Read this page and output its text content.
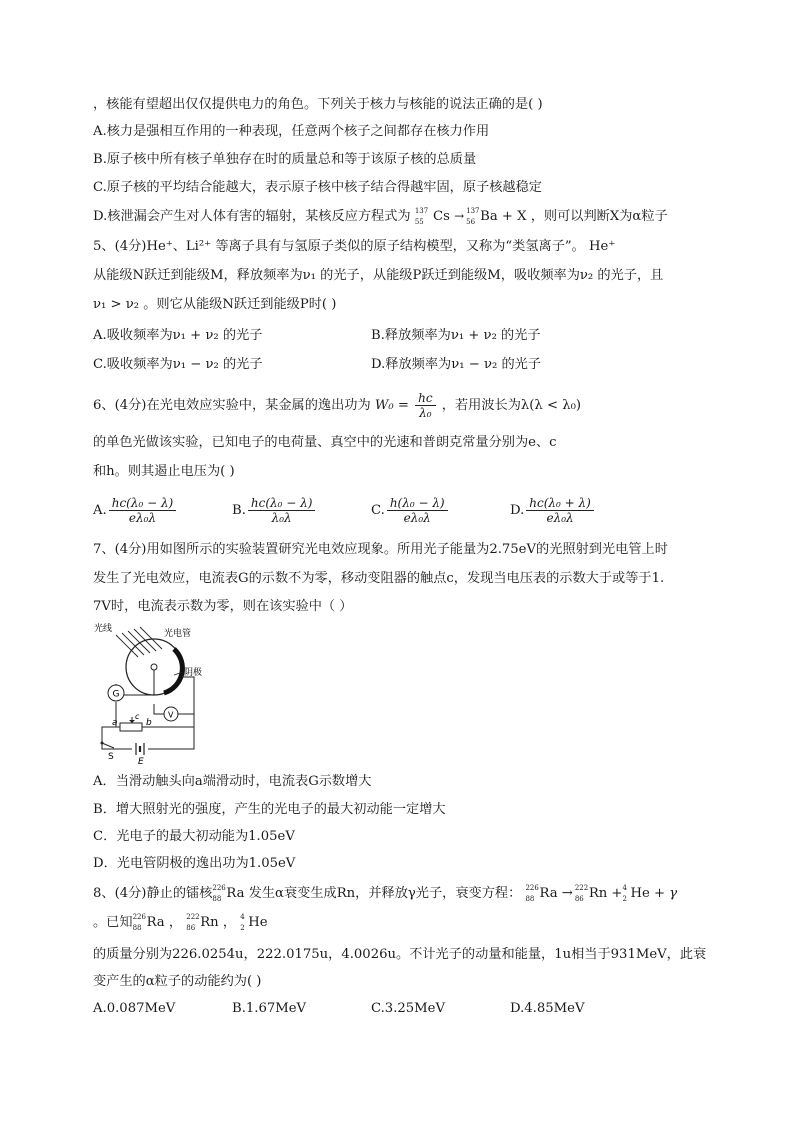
，核能有望超出仅仅提供电力的角色。下列关于核力与核能的说法正确的是( )
A.核力是强相互作用的一种表现，任意两个核子之间都存在核力作用
B.原子核中所有核子单独存在时的质量总和等于该原子核的总质量
C.原子核的平均结合能越大，表示原子核中核子结合得越牢固，原子核越稳定
D.核泄漏会产生对人体有害的辐射，某核反应方程式为 137
55 Cs → 137
56 Ba + X ，则可以判断X为α粒子
5、(4分)He⁺、Li²⁺ 等离子具有与氢原子类似的原子结构模型，又称为“类氢离子”。 He⁺
从能级N跃迁到能级M，释放频率为ν₁ 的光子，从能级P跃迁到能级M，吸收频率为ν₂ 的光子，且
ν₁ > ν₂ 。则它从能级N跃迁到能级P时( )
A.吸收频率为ν₁ + ν₂ 的光子	B.释放频率为ν₁ + ν₂ 的光子
C.吸收频率为ν₁ − ν₂ 的光子	D.释放频率为ν₁ − ν₂ 的光子
6、(4分)在光电效应实验中，某金属的逸出功为 $W_0 = \frac{hc}{\text{λ₀}}$ ，若用波长为λ(λ < λ₀)
的单色光做该实验，已知电子的电荷量、真空中的光速和普朗克常量分别为e、c
和h。则其遏止电压为( )
A. $\frac{\text{hc(λ₀ − λ)}}{\text{eλ₀λ}}$	B. $\frac{\text{hc(λ₀ − λ)}}{\text{λ₀λ}}$	C. $\frac{\text{h(λ₀ − λ)}}{\text{eλ₀λ}}$	D. $\frac{\text{hc(λ₀ + λ)}}{\text{eλ₀λ}}$
7、(4分)用如图所示的实验装置研究光电效应现象。所用光子能量为2.75eV的光照射到光电管上时
发生了光电效应，电流表G的示数不为零，移动变阻器的触点c，发现当电压表的示数大于或等于1.
7V时，电流表示数为零，则在该实验中（ ）
光线	光电管
阴极
G
V
a	b
c
S	E
A．当滑动触头向a端滑动时，电流表G示数增大
B．增大照射光的强度，产生的光电子的最大初动能一定增大
C．光电子的最大初动能为1.05eV
D．光电管阴极的逸出功为1.05eV
8、(4分)静止的镭核 226
88 Ra 发生α衰变生成Rn，并释放γ光子，衰变方程： 226
88 Ra → 222
86 Rn + 4
2 He + γ
。已知 226
88 Ra ， 222
86 Rn ， 4
2 He
的质量分别为226.0254u，222.0175u，4.0026u。不计光子的动量和能量，1u相当于931MeV，此衰
变产生的α粒子的动能约为( )
A.0.087MeV	B.1.67MeV	C.3.25MeV	D.4.85MeV
